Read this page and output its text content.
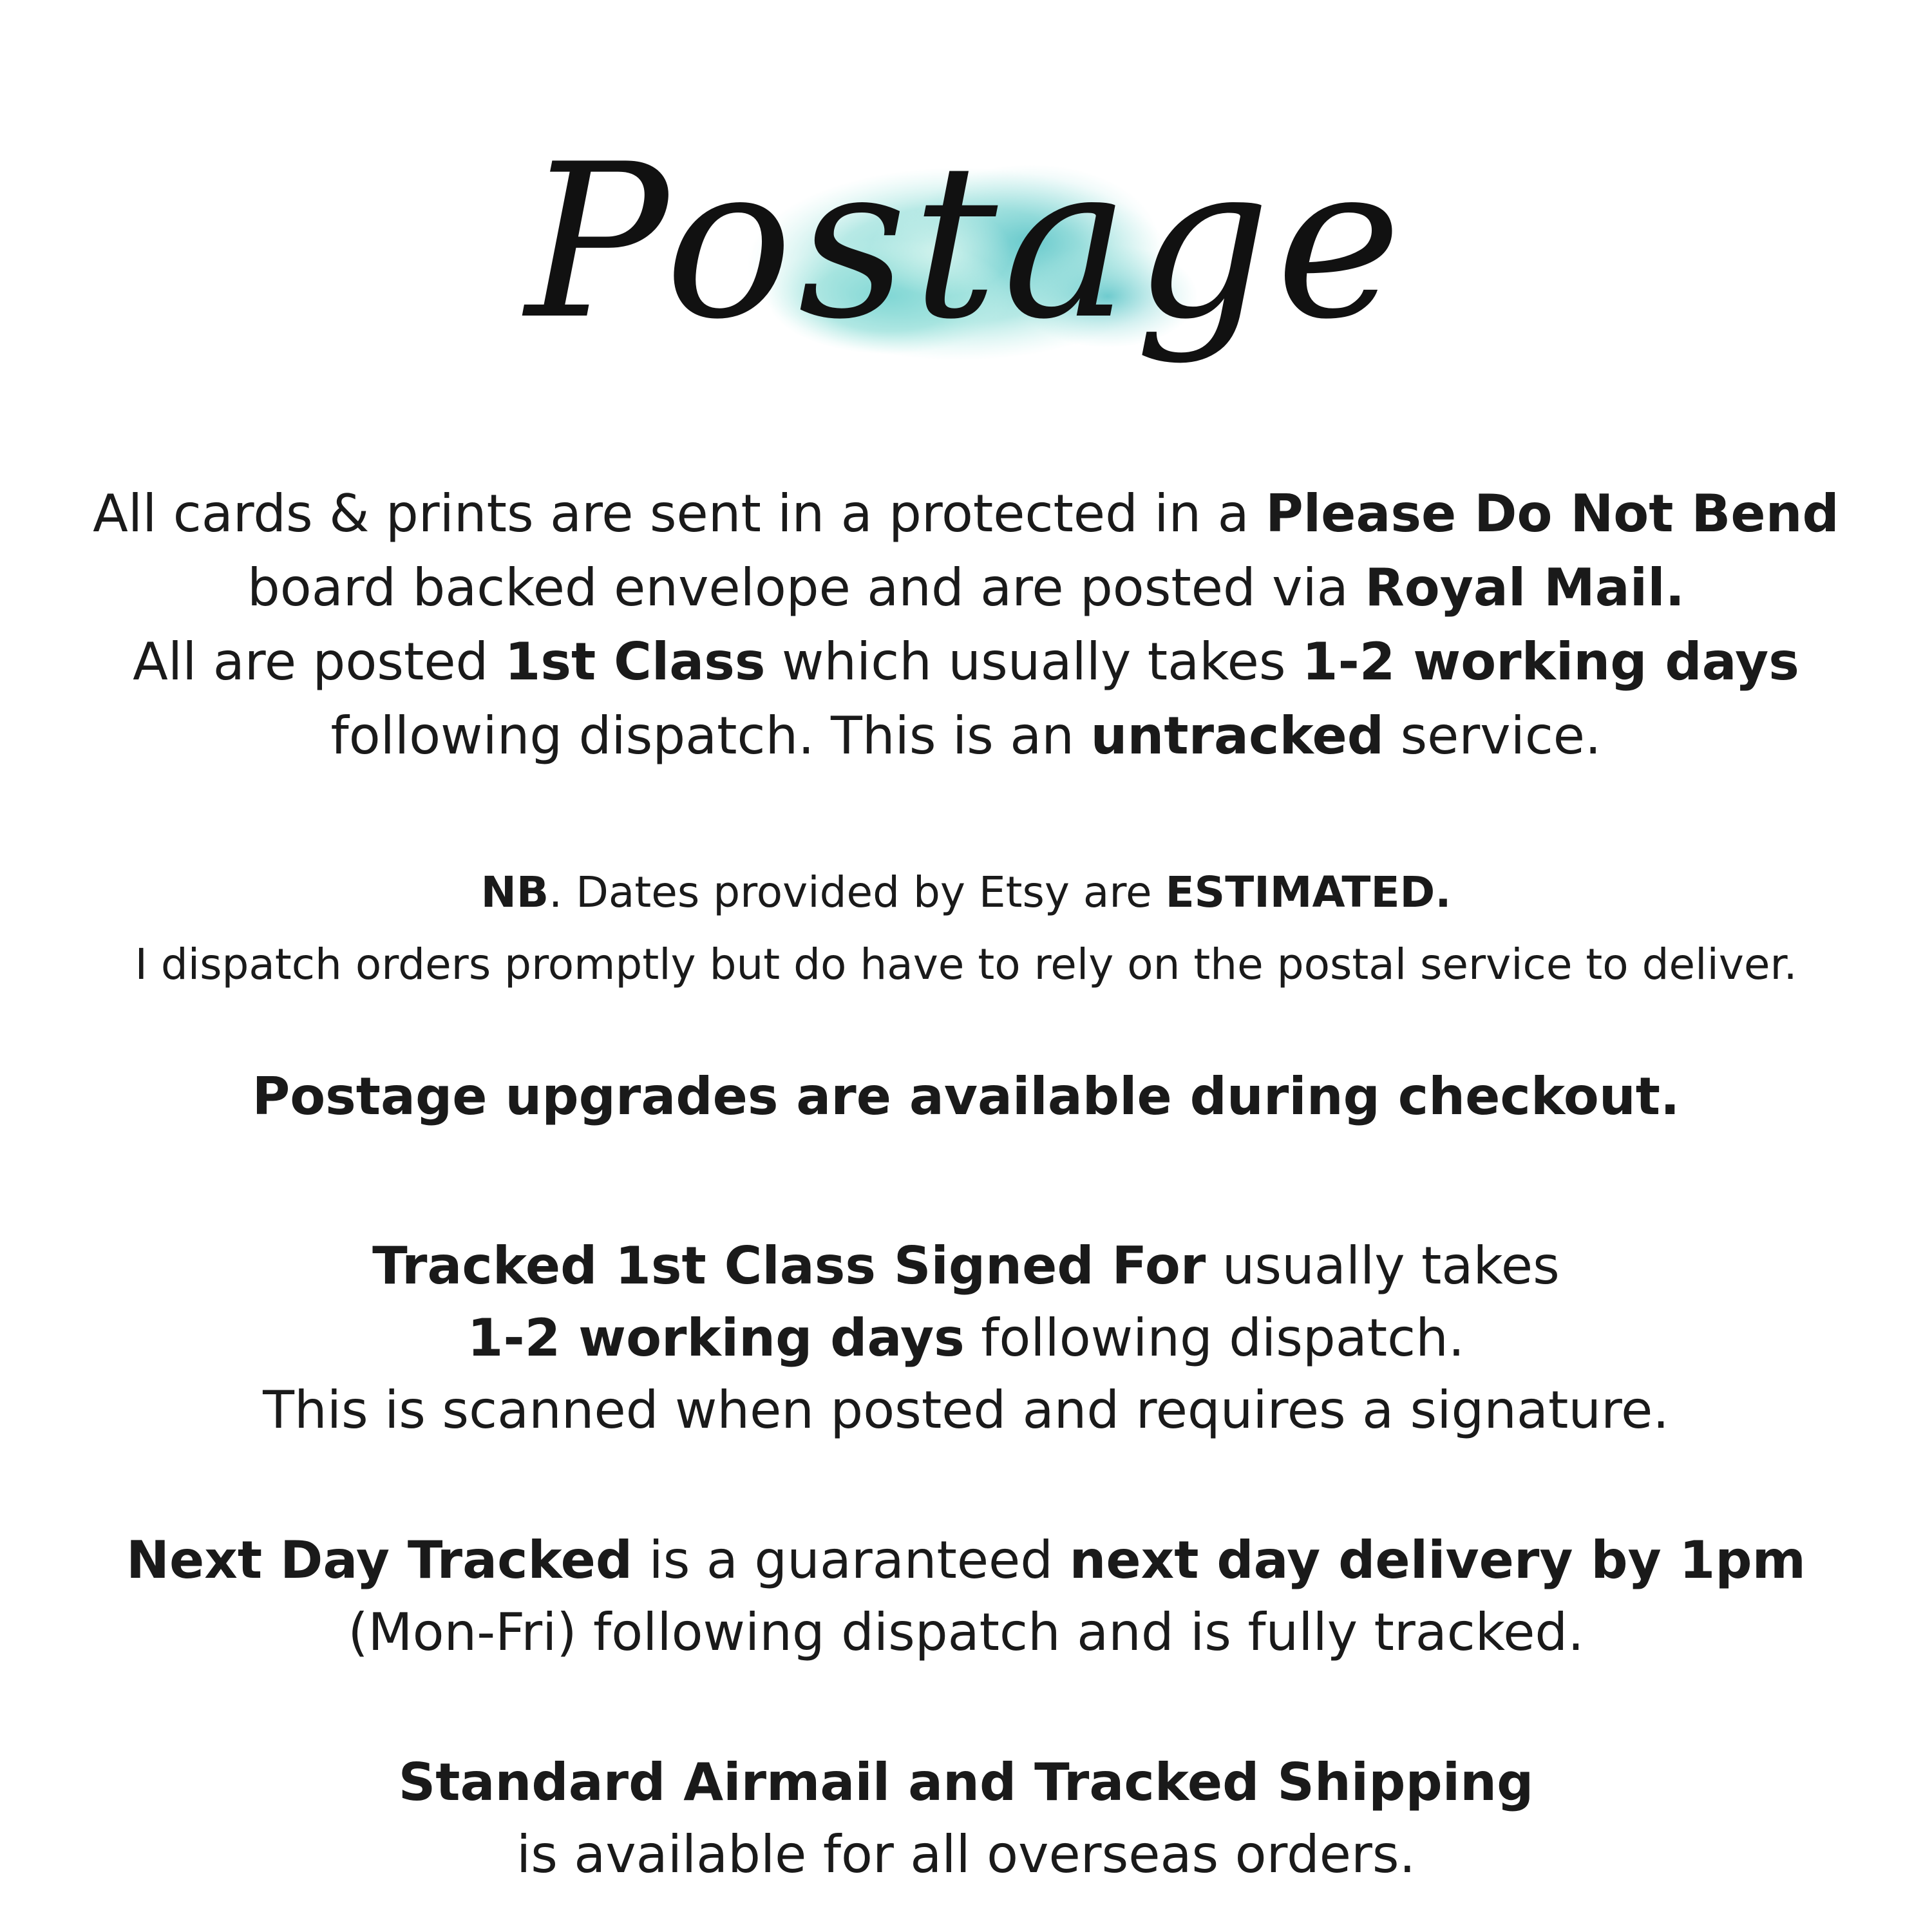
Postage
All cards & prints are sent in a protected in a Please Do Not Bend
board backed envelope and are posted via Royal Mail.
All are posted 1st Class which usually takes 1-2 working days
following dispatch. This is an untracked service.
NB. Dates provided by Etsy are ESTIMATED.
I dispatch orders promptly but do have to rely on the postal service to deliver.
Postage upgrades are available during checkout.
Tracked 1st Class Signed For usually takes
1-2 working days following dispatch.
This is scanned when posted and requires a signature.
Next Day Tracked is a guaranteed next day delivery by 1pm
(Mon-Fri) following dispatch and is fully tracked.
Standard Airmail and Tracked Shipping
is available for all overseas orders.
